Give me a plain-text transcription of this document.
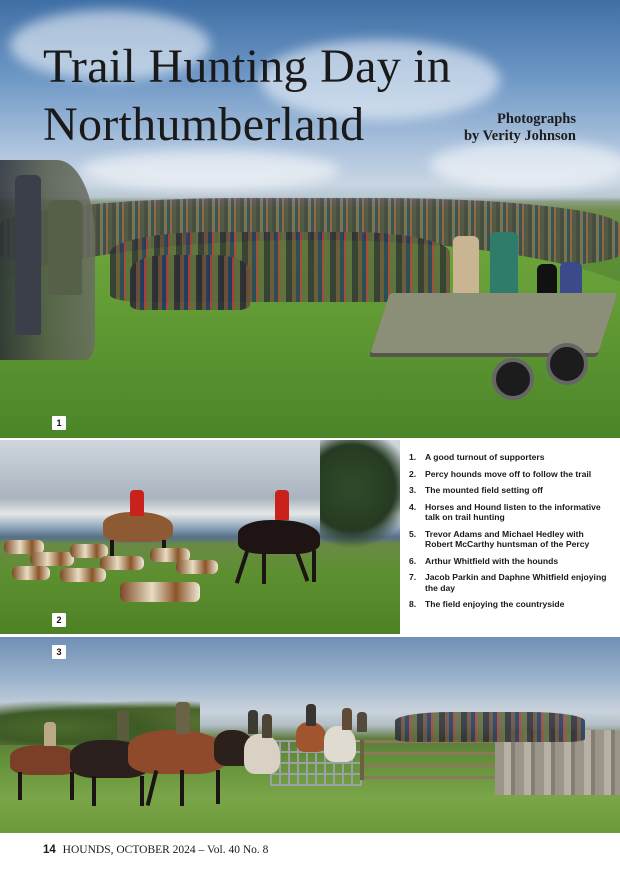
Trail Hunting Day in
Northumberland	Photographs
by Verity Johnson
1
2
1. A good turnout of supporters
2. Percy hounds move off to follow the trail
3. The mounted field setting off
4. Horses and Hound listen to the informative talk on trail hunting
5. Trevor Adams and Michael Hedley with Robert McCarthy huntsman of the Percy
6. Arthur Whitfield with the hounds
7. Jacob Parkin and Daphne Whitfield enjoying the day
8. The field enjoying the countryside
3
14 HOUNDS, OCTOBER 2024 – Vol. 40 No. 8
